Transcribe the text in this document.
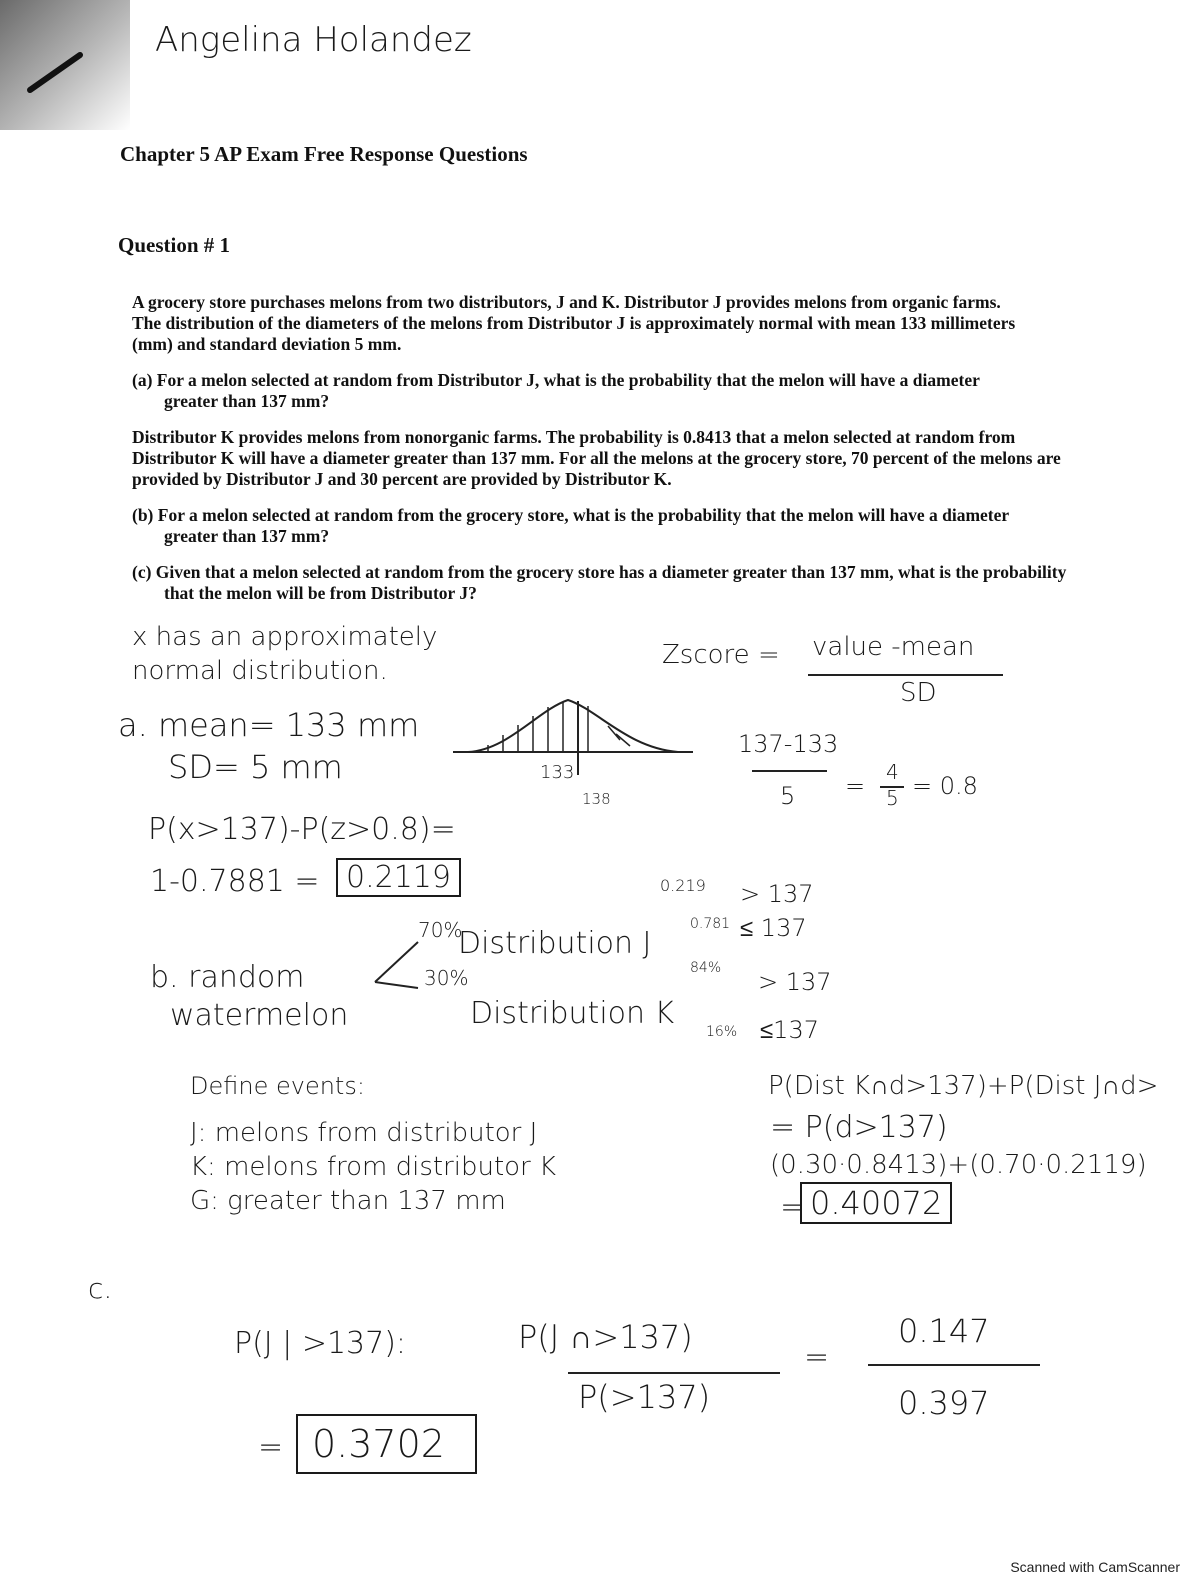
Angelina Holandez
Chapter 5 AP Exam Free Response Questions
Question # 1
A grocery store purchases melons from two distributors, J and K. Distributor J provides melons from organic farms. The distribution of the diameters of the melons from Distributor J is approximately normal with mean 133 millimeters (mm) and standard deviation 5 mm.
(a) For a melon selected at random from Distributor J, what is the probability that the melon will have a diameter greater than 137 mm?
Distributor K provides melons from nonorganic farms. The probability is 0.8413 that a melon selected at random from Distributor K will have a diameter greater than 137 mm. For all the melons at the grocery store, 70 percent of the melons are provided by Distributor J and 30 percent are provided by Distributor K.
(b) For a melon selected at random from the grocery store, what is the probability that the melon will have a diameter greater than 137 mm?
(c) Given that a melon selected at random from the grocery store has a diameter greater than 137 mm, what is the probability that the melon will be from Distributor J?
x has an approximately
normal distribution.
Zscore = value -mean
SD
a. mean= 133 mm
SD= 5 mm	133
138
137-133
5 = 4
5 = 0.8
P(x>137)-P(z>0.8)=
1-0.7881 = 0.2119	0.219 > 137
70%
Distribution J
0.781 ≤ 137
b. random
watermelon
30%	84% > 137
Distribution K
16% ≤137
Define events:
J: melons from distributor J
K: melons from distributor K
G: greater than 137 mm
P(Dist K∩d>137)+P(Dist J∩d>
= P(d>137)
(0.30·0.8413)+(0.70·0.2119)
= 0.40072
c.
P(J | >137):	P(J ∩>137)
P(>137)
=
0.147
0.397
= 0.3702
Scanned with CamScanner
